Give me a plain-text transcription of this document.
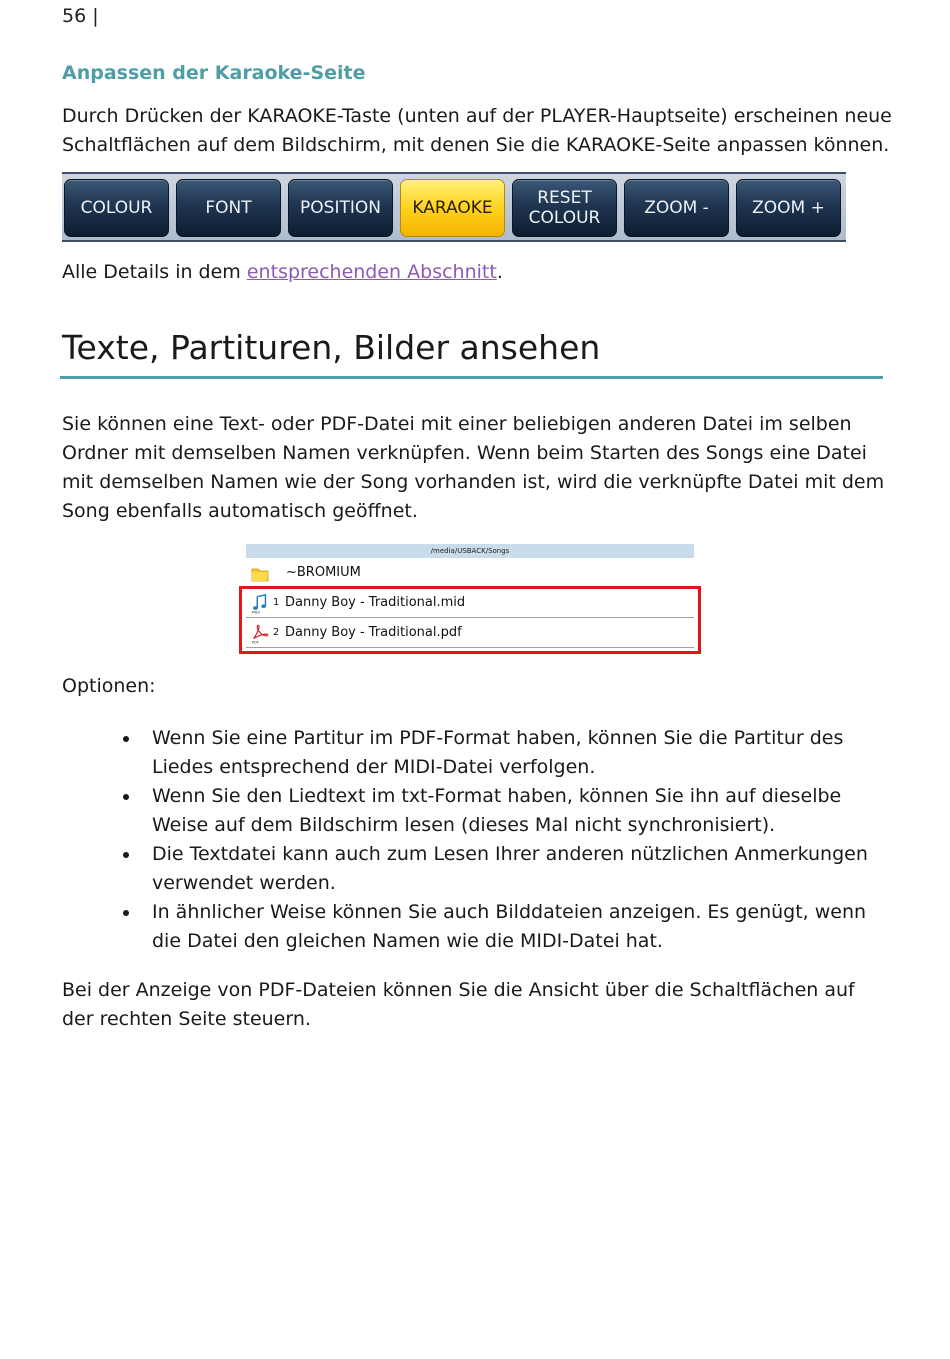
56 |
Anpassen der Karaoke-Seite
Durch Drücken der KARAOKE-Taste (unten auf der PLAYER-Hauptseite) erscheinen neue Schaltflächen auf dem Bildschirm, mit denen Sie die KARAOKE-Seite anpassen können.
COLOUR	FONT	POSITION	KARAOKE	RESET
COLOUR	ZOOM -	ZOOM +
Alle Details in dem entsprechenden Abschnitt.
Texte, Partituren, Bilder ansehen
Sie können eine Text- oder PDF-Datei mit einer beliebigen anderen Datei im selben Ordner mit demselben Namen verknüpfen. Wenn beim Starten des Songs eine Datei mit demselben Namen wie der Song vorhanden ist, wird die verknüpfte Datei mit dem Song ebenfalls automatisch geöffnet.
/media/USBACK/Songs
~BROMIUM
MIDI
1 Danny Boy - Traditional.mid
PDF
2 Danny Boy - Traditional.pdf
Optionen:
Wenn Sie eine Partitur im PDF-Format haben, können Sie die Partitur des Liedes entsprechend der MIDI-Datei verfolgen.
Wenn Sie den Liedtext im txt-Format haben, können Sie ihn auf dieselbe Weise auf dem Bildschirm lesen (dieses Mal nicht synchronisiert).
Die Textdatei kann auch zum Lesen Ihrer anderen nützlichen Anmerkungen verwendet werden.
In ähnlicher Weise können Sie auch Bilddateien anzeigen. Es genügt, wenn die Datei den gleichen Namen wie die MIDI-Datei hat.
Bei der Anzeige von PDF-Dateien können Sie die Ansicht über die Schaltflächen auf der rechten Seite steuern.
